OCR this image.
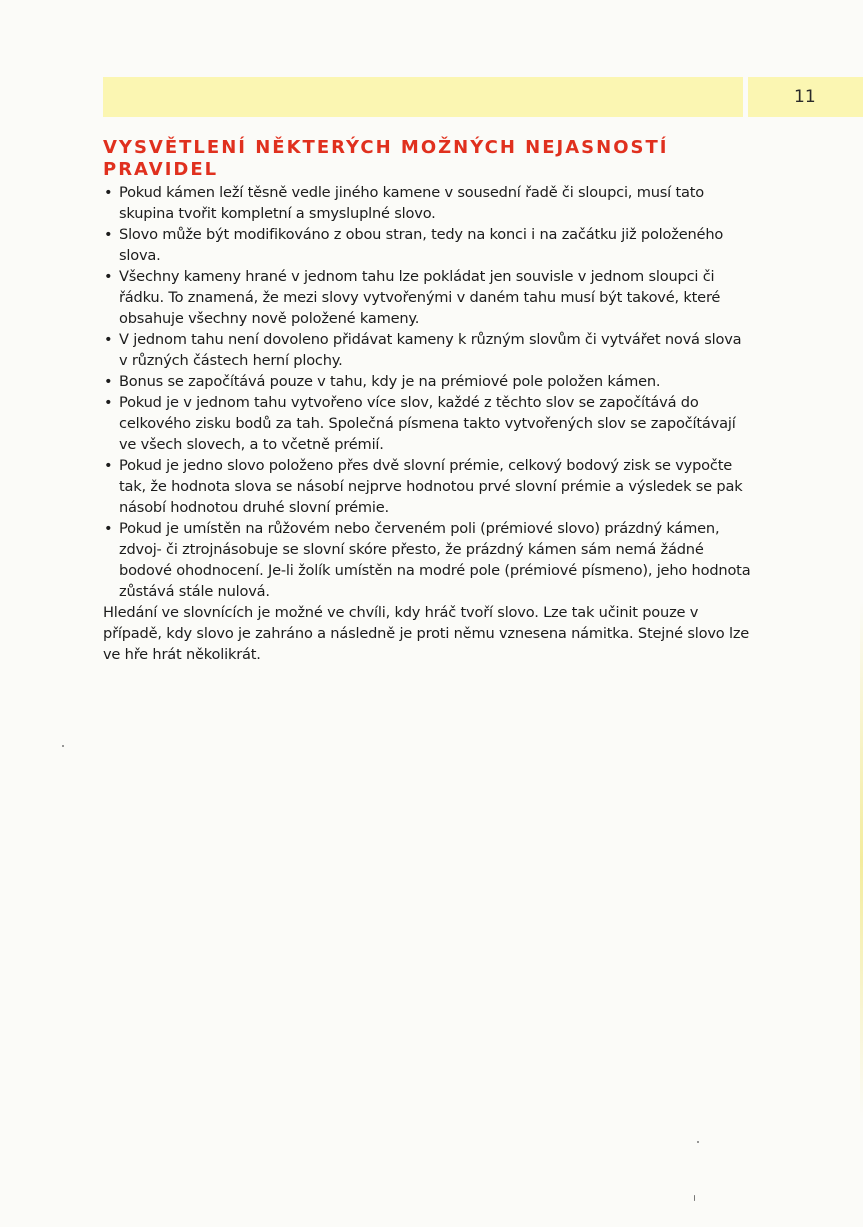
11
VYSVĚTLENÍ NĚKTERÝCH MOŽNÝCH NEJASNOSTÍ PRAVIDEL
• Pokud kámen leží těsně vedle jiného kamene v sousední řadě či sloupci, musí tato skupina tvořit kompletní a smysluplné slovo.
• Slovo může být modifikováno z obou stran, tedy na konci i na začátku již položeného slova.
• Všechny kameny hrané v jednom tahu lze pokládat jen souvisle v jednom sloupci či řádku. To znamená, že mezi slovy vytvořenými v daném tahu musí být takové, které obsahuje všechny nově položené kameny.
• V jednom tahu není dovoleno přidávat kameny k různým slovům či vytvářet nová slova v různých částech herní plochy.
• Bonus se započítává pouze v tahu, kdy je na prémiové pole položen kámen.
• Pokud je v jednom tahu vytvořeno více slov, každé z těchto slov se započítává do celkového zisku bodů za tah. Společná písmena takto vytvořených slov se započítávají ve všech slovech, a to včetně prémií.
• Pokud je jedno slovo položeno přes dvě slovní prémie, celkový bodový zisk se vypočte tak, že hodnota slova se násobí nejprve hodnotou prvé slovní prémie a výsledek se pak násobí hodnotou druhé slovní prémie.
• Pokud je umístěn na růžovém nebo červeném poli (prémiové slovo) prázdný kámen, zdvoj- či ztrojnásobuje se slovní skóre přesto, že prázdný kámen sám nemá žádné bodové ohodnocení. Je-li žolík umístěn na modré pole (prémiové písmeno), jeho hodnota zůstává stále nulová.

Hledání ve slovnících je možné ve chvíli, kdy hráč tvoří slovo. Lze tak učinit pouze v případě, kdy slovo je zahráno a následně je proti němu vznesena námitka. Stejné slovo lze ve hře hrát několikrát.
